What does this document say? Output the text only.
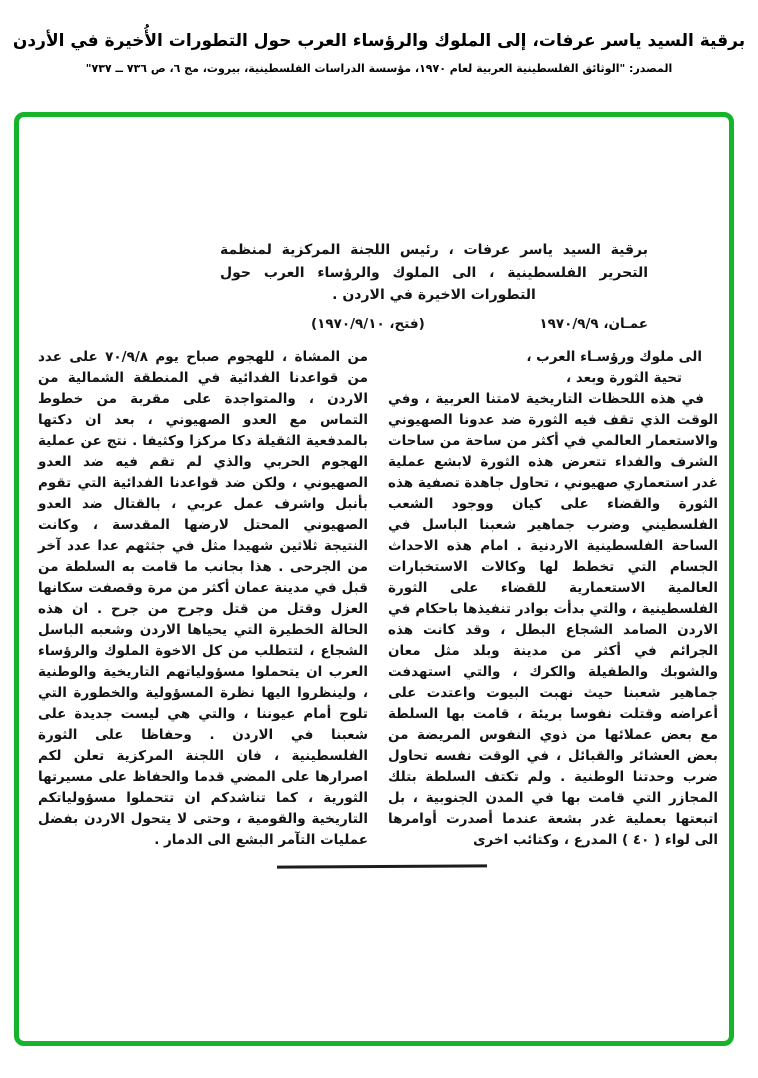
برقية السيد ياسر عرفات، إلى الملوك والرؤساء العرب حول التطورات الأُخيرة في الأردن
المصدر: "الوثائق الفلسطينية العربية لعام ١٩٧٠، مؤسسة الدراسات الفلسطينية، بيروت، مج ٦، ص ٧٣٦ ــ ٧٣٧"
برقية السيد ياسر عرفات ، رئيس اللجنة المركزية لمنظمة التحرير الفلسطينية ، الى الملوك والرؤساء العرب حول التطورات الاخيرة في الاردن .
عمـان، ١٩٧٠/٩/٩
(فتح، ١٩٧٠/٩/١٠)
الى ملوك ورؤسـاء العرب ،
تحية الثورة وبعد ،

في هذه اللحظات التاريخية لامتنا العربية ، وفي الوقت الذي تقف فيه الثورة ضد عدونا الصهيوني والاستعمار العالمي في أكثر من ساحة من ساحات الشرف والفداء تتعرض هذه الثورة لابشع عملية غدر استعماري صهيوني ، تحاول جاهدة تصفية هذه الثورة والقضاء على كيان ووجود الشعب الفلسطيني وضرب جماهير شعبنا الباسل في الساحة الفلسطينية الاردنية . امام هذه الاحداث الجسام التي تخطط لها وكالات الاستخبارات العالمية الاستعمارية للقضاء على الثورة الفلسطينية ، والتي بدأت بوادر تنفيذها باحكام في الاردن الصامد الشجاع البطل ، وقد كانت هذه الجرائم في أكثر من مدينة وبلد مثل معان والشوبك والطفيلة والكرك ، والتي استهدفت جماهير شعبنا حيث نهبت البيوت واعتدت على أعراضه وقتلت نفوسا بريئة ، قامت بها السلطة مع بعض عملائها من ذوي النفوس المريضة من بعض العشائر والقبائل ، في الوقت نفسه تحاول ضرب وحدتنا الوطنية . ولم تكتف السلطة بتلك المجازر التي قامت بها في المدن الجنوبية ، بل اتبعتها بعملية غدر بشعة عندما أصدرت أوامرها الى لواء ( ٤٠ ) المدرع ، وكتائب اخرى

من المشاة ، للهجوم صباح يوم ٧٠/٩/٨ على عدد من قواعدنا الفدائية في المنطقة الشمالية من الاردن ، والمتواجدة على مقربة من خطوط التماس مع العدو الصهيوني ، بعد ان دكتها بالمدفعية الثقيلة دكا مركزا وكثيفا . نتج عن عملية الهجوم الحربي والذي لم تقم فيه ضد العدو الصهيوني ، ولكن ضد قواعدنا الفدائية التي تقوم بأنبل واشرف عمل عربي ، بالقتال ضد العدو الصهيوني المحتل لارضها المقدسة ، وكانت النتيجة ثلاثين شهيدا مثل في جثثهم عدا عدد آخر من الجرحى . هذا بجانب ما قامت به السلطة من قبل في مدينة عمان أكثر من مرة وقصفت سكانها العزل وقتل من قتل وجرح من جرح . ان هذه الحالة الخطيرة التي يحياها الاردن وشعبه الباسل الشجاع ، لتتطلب من كل الاخوة الملوك والرؤساء العرب ان يتحملوا مسؤولياتهم التاريخية والوطنية ، ولينظروا اليها نظرة المسؤولية والخطورة التي تلوح أمام عيوننا ، والتي هي ليست جديدة على شعبنا في الاردن . وحفاظا على الثورة الفلسطينية ، فان اللجنة المركزية تعلن لكم اصرارها على المضي قدما والحفاظ على مسيرتها الثورية ، كما تناشدكم ان تتحملوا مسؤولياتكم التاريخية والقومية ، وحتى لا يتحول الاردن بفضل عمليات التآمر البشع الى الدمار .
